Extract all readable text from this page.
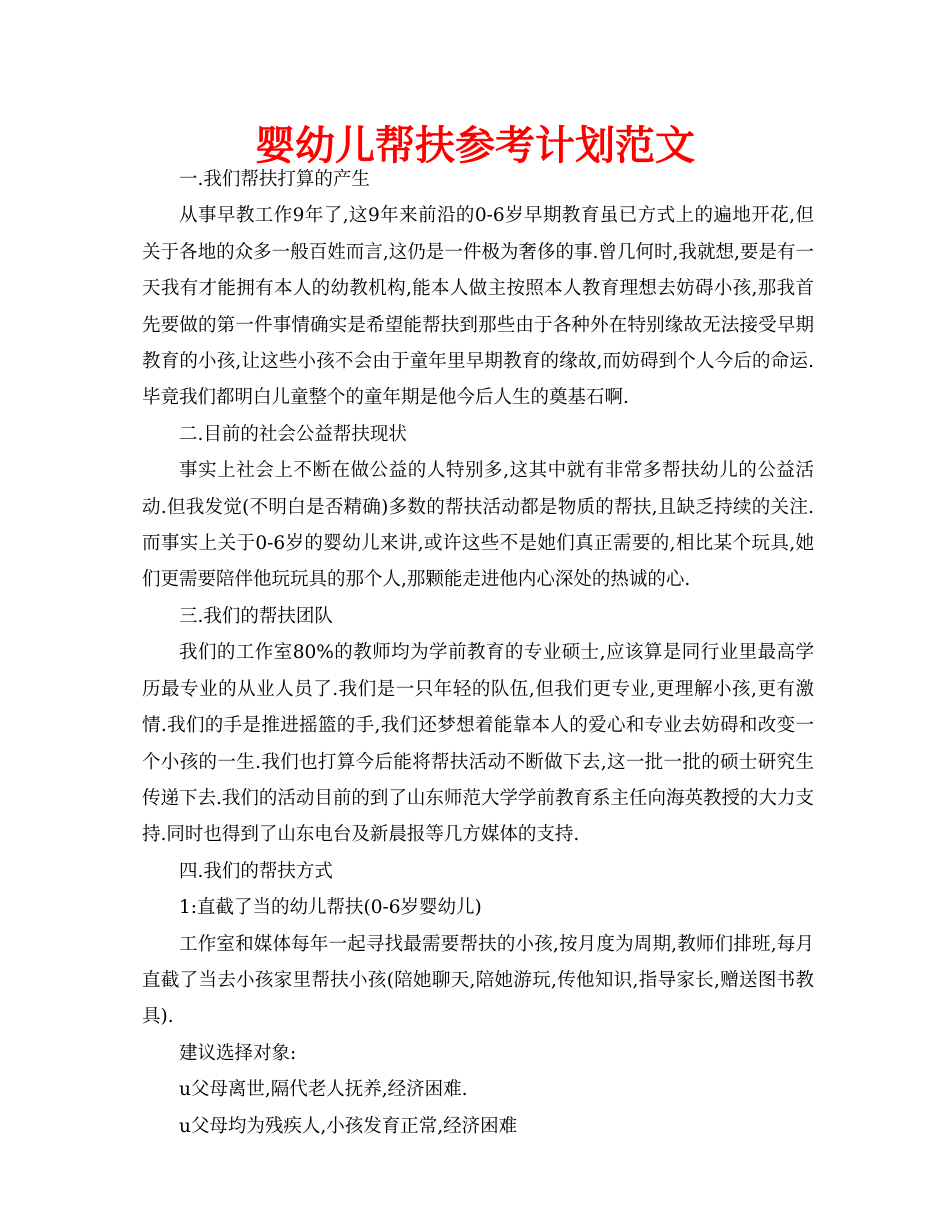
婴幼儿帮扶参考计划范文

一.我们帮扶打算的产生

从事早教工作9年了,这9年来前沿的0-6岁早期教育虽已方式上的遍地开花,但关于各地的众多一般百姓而言,这仍是一件极为奢侈的事.曾几何时,我就想,要是有一天我有才能拥有本人的幼教机构,能本人做主按照本人教育理想去妨碍小孩,那我首先要做的第一件事情确实是希望能帮扶到那些由于各种外在特别缘故无法接受早期教育的小孩,让这些小孩不会由于童年里早期教育的缘故,而妨碍到个人今后的命运.毕竟我们都明白儿童整个的童年期是他今后人生的奠基石啊.

二.目前的社会公益帮扶现状

事实上社会上不断在做公益的人特别多,这其中就有非常多帮扶幼儿的公益活动.但我发觉(不明白是否精确)多数的帮扶活动都是物质的帮扶,且缺乏持续的关注.而事实上关于0-6岁的婴幼儿来讲,或许这些不是她们真正需要的,相比某个玩具,她们更需要陪伴他玩玩具的那个人,那颗能走进他内心深处的热诚的心.

三.我们的帮扶团队

我们的工作室80%的教师均为学前教育的专业硕士,应该算是同行业里最高学历最专业的从业人员了.我们是一只年轻的队伍,但我们更专业,更理解小孩,更有激情.我们的手是推进摇篮的手,我们还梦想着能靠本人的爱心和专业去妨碍和改变一个小孩的一生.我们也打算今后能将帮扶活动不断做下去,这一批一批的硕士研究生传递下去.我们的活动目前的到了山东师范大学学前教育系主任向海英教授的大力支持.同时也得到了山东电台及新晨报等几方媒体的支持.

四.我们的帮扶方式

1:直截了当的幼儿帮扶(0-6岁婴幼儿)

工作室和媒体每年一起寻找最需要帮扶的小孩,按月度为周期,教师们排班,每月直截了当去小孩家里帮扶小孩(陪她聊天,陪她游玩,传他知识,指导家长,赠送图书教具).

建议选择对象:

u父母离世,隔代老人抚养,经济困难.

u父母均为残疾人,小孩发育正常,经济困难
